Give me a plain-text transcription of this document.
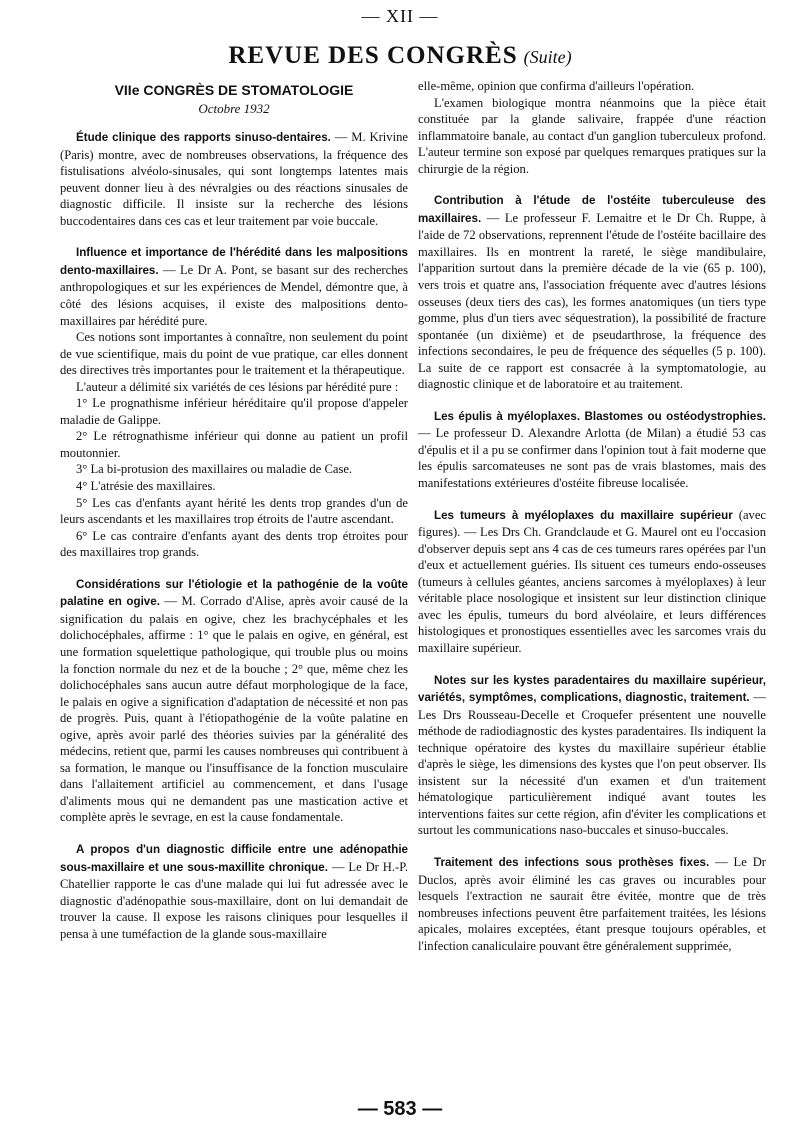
— XII —
REVUE DES CONGRÈS (Suite)
VIIe CONGRÈS DE STOMATOLOGIE
Octobre 1932

Étude clinique des rapports sinuso-dentaires. — M. Krivine (Paris) montre, avec de nombreuses observations, la fréquence des fistulisations alvéolo-sinusales, qui sont longtemps latentes mais peuvent donner lieu à des névralgies ou des réactions sinusales de diagnostic difficile. Il insiste sur la recherche des lésions buccodentaires dans ces cas et leur traitement par voie buccale.

Influence et importance de l'hérédité dans les malpositions dento-maxillaires. — Le Dr A. Pont, se basant sur des recherches anthropologiques et sur les expériences de Mendel, démontre que, à côté des lésions acquises, il existe des malpositions dento-maxillaires par hérédité pure.

Ces notions sont importantes à connaître, non seulement du point de vue scientifique, mais du point de vue pratique, car elles donnent des directives très importantes pour le traitement et la thérapeutique.

L'auteur a délimité six variétés de ces lésions par hérédité pure :

1° Le prognathisme inférieur héréditaire qu'il propose d'appeler maladie de Galippe.

2° Le rétrognathisme inférieur qui donne au patient un profil moutonnier.

3° La bi-protusion des maxillaires ou maladie de Case.

4° L'atrésie des maxillaires.

5° Les cas d'enfants ayant hérité les dents trop grandes d'un de leurs ascendants et les maxillaires trop étroits de l'autre ascendant.

6° Le cas contraire d'enfants ayant des dents trop étroites pour des maxillaires trop grands.

Considérations sur l'étiologie et la pathogénie de la voûte palatine en ogive. — M. Corrado d'Alise, après avoir causé de la signification du palais en ogive, chez les brachycéphales et les dolichocéphales, affirme : 1° que le palais en ogive, en général, est une formation squelettique pathologique, qui trouble plus ou moins la fonction normale du nez et de la bouche ; 2° que, même chez les dolichocéphales sans aucun autre défaut morphologique de la face, le palais en ogive a signification d'adaptation de nécessité et non pas de progrès. Puis, quant à l'étiopathogénie de la voûte palatine en ogive, après avoir parlé des théories suivies par la généralité des médecins, retient que, parmi les causes nombreuses qui contribuent à sa formation, le manque ou l'insuffisance de la fonction musculaire dans l'allaitement artificiel au commencement, et dans l'usage d'aliments mous qui ne demandent pas une mastication active et complète après le sevrage, en est la cause fondamentale.

A propos d'un diagnostic difficile entre une adénopathie sous-maxillaire et une sous-maxillite chronique. — Le Dr H.-P. Chatellier rapporte le cas d'une malade qui lui fut adressée avec le diagnostic d'adénopathie sous-maxillaire, dont on lui demandait de trouver la cause. Il expose les raisons cliniques pour lesquelles il pensa à une tuméfaction de la glande sous-maxillaire

elle-même, opinion que confirma d'ailleurs l'opération.

L'examen biologique montra néanmoins que la pièce était constituée par la glande salivaire, frappée d'une réaction inflammatoire banale, au contact d'un ganglion tuberculeux profond. L'auteur termine son exposé par quelques remarques pratiques sur la chirurgie de la région.

Contribution à l'étude de l'ostéite tuberculeuse des maxillaires. — Le professeur F. Lemaitre et le Dr Ch. Ruppe, à l'aide de 72 observations, reprennent l'étude de l'ostéite bacillaire des maxillaires. Ils en montrent la rareté, le siège mandibulaire, l'apparition surtout dans la première décade de la vie (65 p. 100), vers trois et quatre ans, l'association fréquente avec d'autres lésions osseuses (deux tiers des cas), les formes anatomiques (un tiers type gomme, plus d'un tiers avec séquestration), la possibilité de fracture spontanée (un dixième) et de pseudarthrose, la fréquence des infections secondaires, le peu de fréquence des séquelles (5 p. 100). La suite de ce rapport est consacrée à la symptomatologie, au diagnostic clinique et de laboratoire et au traitement.

Les épulis à myéloplaxes. Blastomes ou ostéodystrophies. — Le professeur D. Alexandre Arlotta (de Milan) a étudié 53 cas d'épulis et il a pu se confirmer dans l'opinion tout à fait moderne que les épulis sarcomateuses ne sont pas de vrais blastomes, mais des manifestations extérieures d'ostéite fibreuse localisée.

Les tumeurs à myéloplaxes du maxillaire supérieur (avec figures). — Les Drs Ch. Grandclaude et G. Maurel ont eu l'occasion d'observer depuis sept ans 4 cas de ces tumeurs rares opérées par l'un d'eux et actuellement guéries. Ils situent ces tumeurs endo-osseuses (tumeurs à cellules géantes, anciens sarcomes à myéloplaxes) à leur véritable place nosologique et insistent sur leur distinction clinique avec les épulis, tumeurs du bord alvéolaire, et leurs différences histologiques et pronostiques essentielles avec les sarcomes vrais du maxillaire supérieur.

Notes sur les kystes paradentaires du maxillaire supérieur, variétés, symptômes, complications, diagnostic, traitement. — Les Drs Rousseau-Decelle et Croquefer présentent une nouvelle méthode de radiodiagnostic des kystes paradentaires. Ils indiquent la technique opératoire des kystes du maxillaire supérieur établie d'après le siège, les dimensions des kystes que l'on peut observer. Ils insistent sur la nécessité d'un examen et d'un traitement hématologique particulièrement indiqué avant toutes les interventions faites sur cette région, afin d'éviter les complications et surtout les communications naso-buccales et sinuso-buccales.

Traitement des infections sous prothèses fixes. — Le Dr Duclos, après avoir éliminé les cas graves ou incurables pour lesquels l'extraction ne saurait être évitée, montre que de très nombreuses infections peuvent être parfaitement traitées, les lésions apicales, molaires exceptées, étant presque toujours opérables, et l'infection canaliculaire pouvant être généralement supprimée,

— 583 —
